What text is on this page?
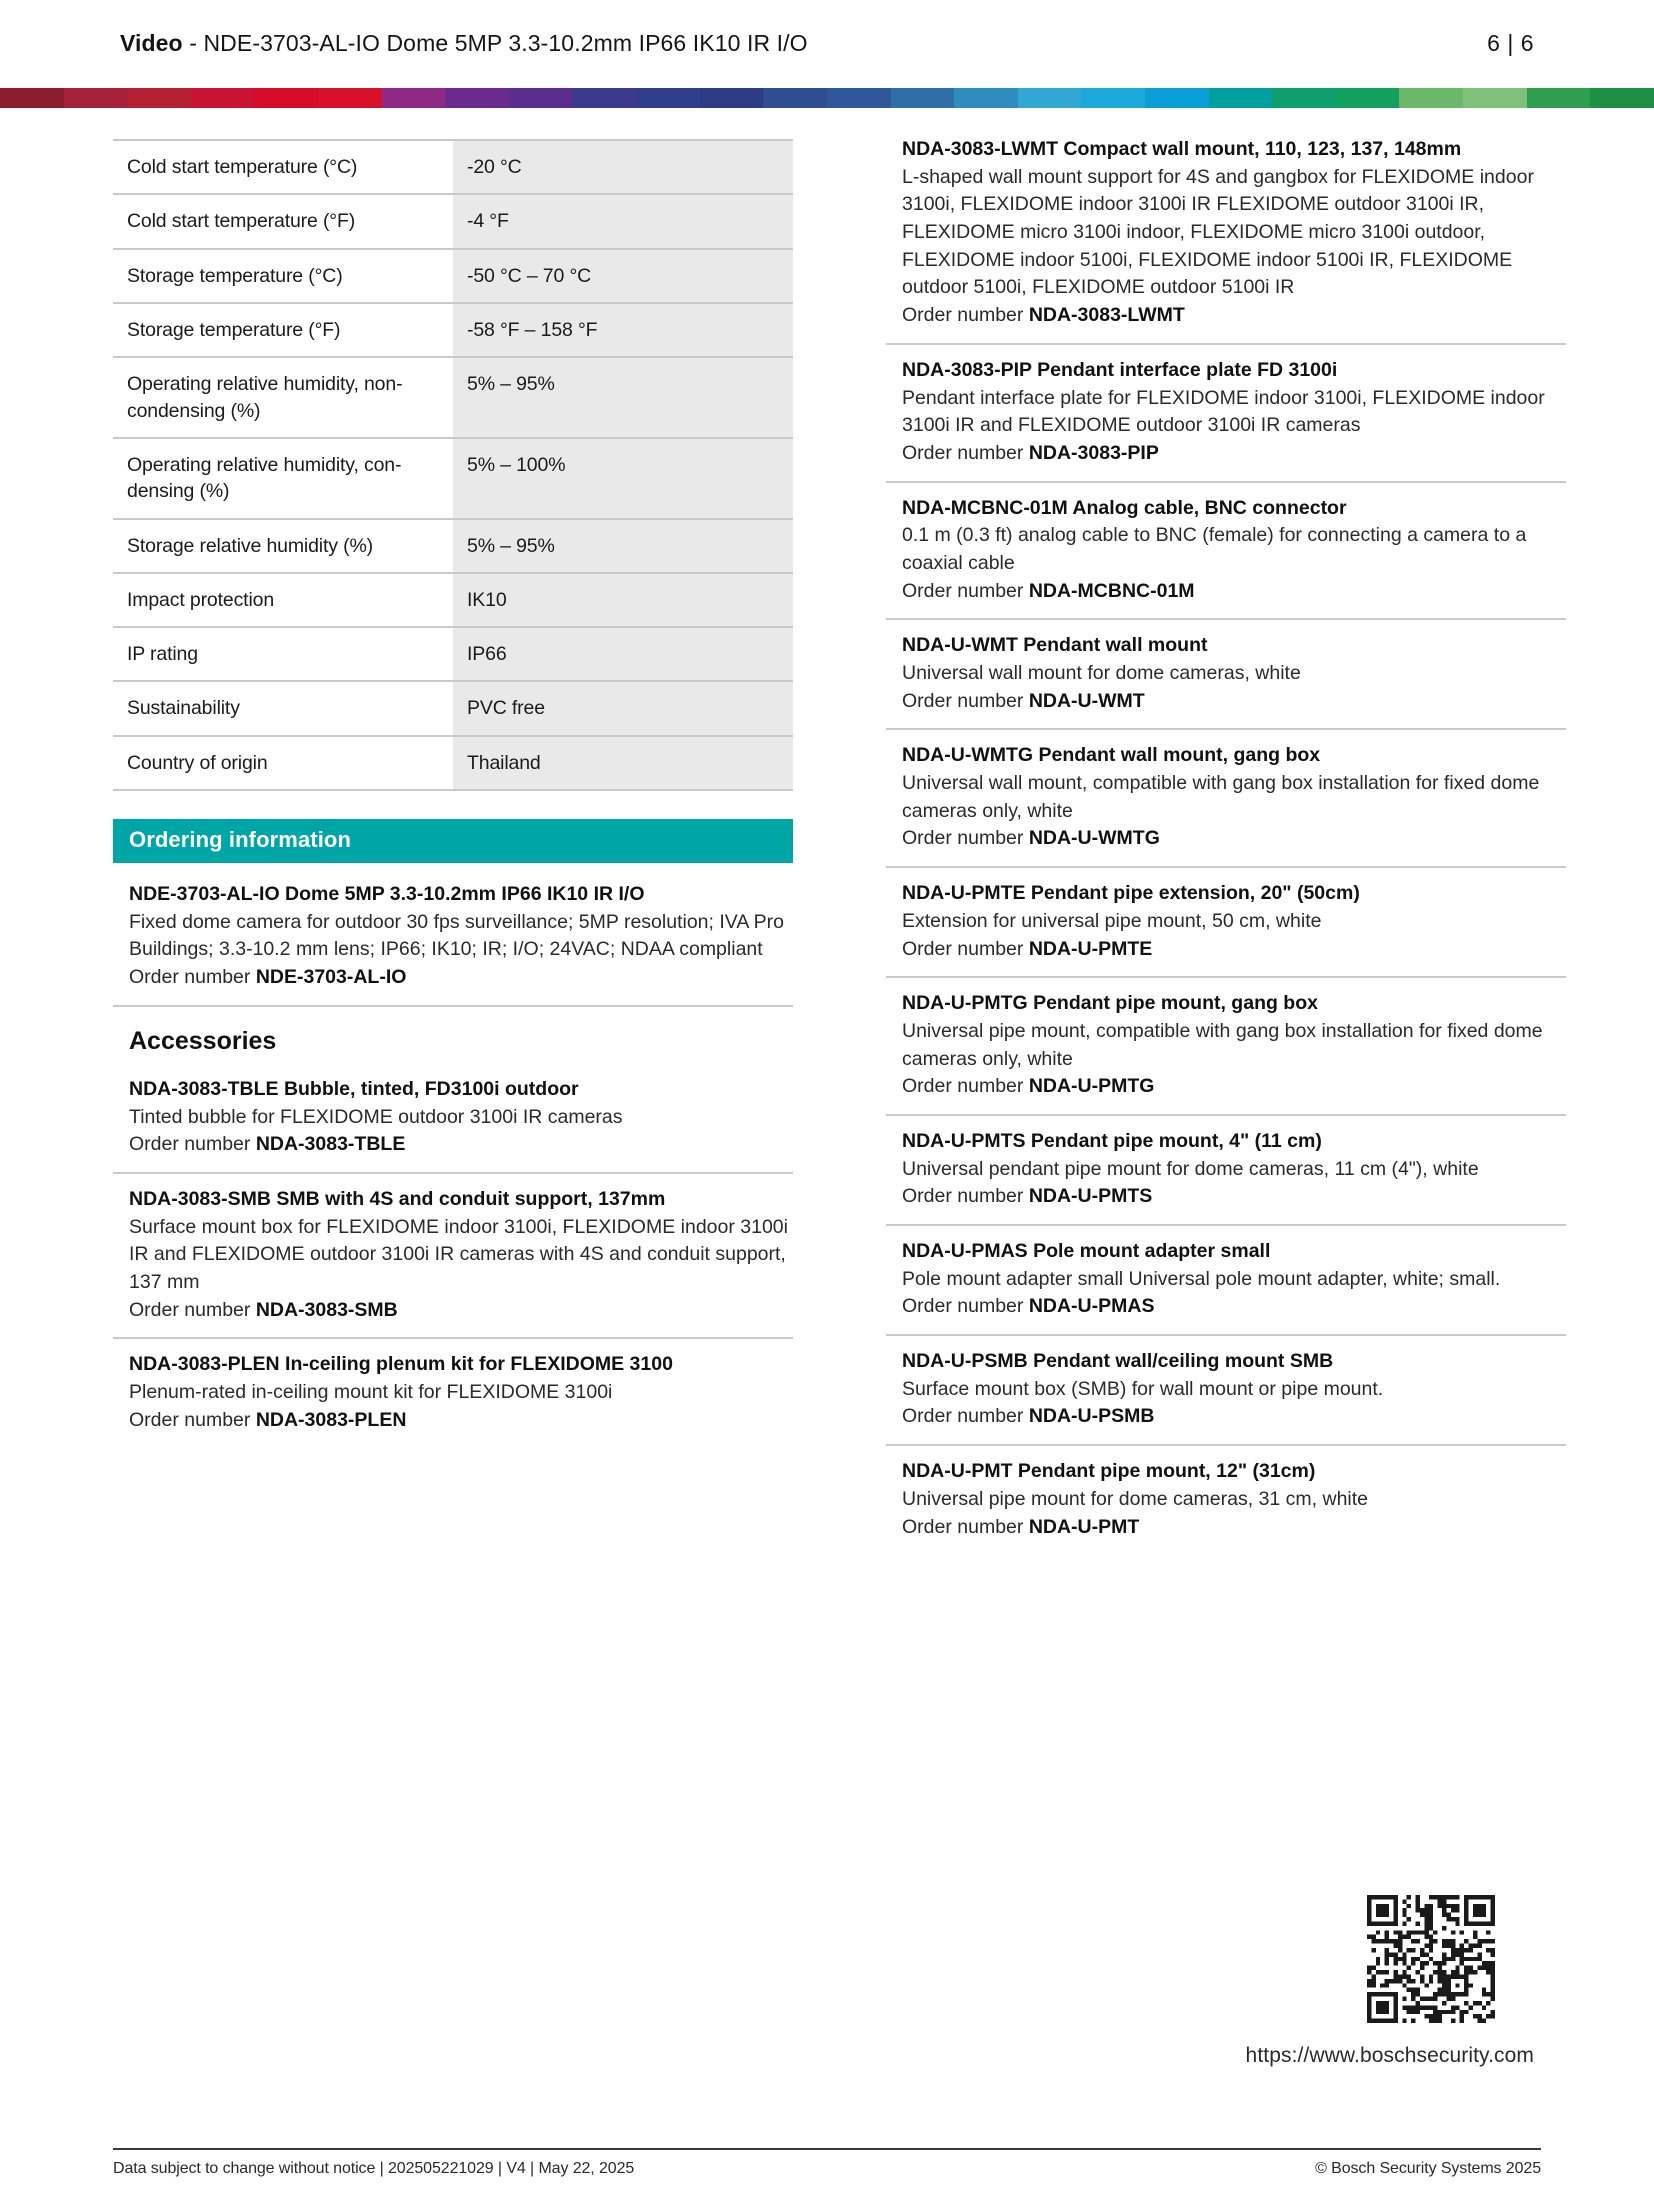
Video - NDE-3703-AL-IO Dome 5MP 3.3-10.2mm IP66 IK10 IR I/O	6 | 6
Cold start temperature (°C)	-20 °C
Cold start temperature (°F)	-4 °F
Storage temperature (°C)	-50 °C – 70 °C
Storage temperature (°F)	-58 °F – 158 °F
Operating relative humidity, non-condensing (%)	5% – 95%
Operating relative humidity, con-densing (%)	5% – 100%
Storage relative humidity (%)	5% – 95%
Impact protection	IK10
IP rating	IP66
Sustainability	PVC free
Country of origin	Thailand
Ordering information
NDE-3703-AL-IO Dome 5MP 3.3-10.2mm IP66 IK10 IR I/O
Fixed dome camera for outdoor 30 fps surveillance; 5MP resolution; IVA Pro Buildings; 3.3-10.2 mm lens; IP66; IK10; IR; I/O; 24VAC; NDAA compliant
Order number NDE-3703-AL-IO
Accessories
NDA-3083-TBLE Bubble, tinted, FD3100i outdoor
Tinted bubble for FLEXIDOME outdoor 3100i IR cameras
Order number NDA-3083-TBLE
NDA-3083-SMB SMB with 4S and conduit support, 137mm
Surface mount box for FLEXIDOME indoor 3100i, FLEXIDOME indoor 3100i IR and FLEXIDOME outdoor 3100i IR cameras with 4S and conduit support, 137 mm
Order number NDA-3083-SMB
NDA-3083-PLEN In-ceiling plenum kit for FLEXIDOME 3100
Plenum-rated in-ceiling mount kit for FLEXIDOME 3100i
Order number NDA-3083-PLEN
NDA-3083-LWMT Compact wall mount, 110, 123, 137, 148mm
L-shaped wall mount support for 4S and gangbox for FLEXIDOME indoor 3100i, FLEXIDOME indoor 3100i IR FLEXIDOME outdoor 3100i IR, FLEXIDOME micro 3100i indoor, FLEXIDOME micro 3100i outdoor, FLEXIDOME indoor 5100i, FLEXIDOME indoor 5100i IR, FLEXIDOME outdoor 5100i, FLEXIDOME outdoor 5100i IR
Order number NDA-3083-LWMT
NDA-3083-PIP Pendant interface plate FD 3100i
Pendant interface plate for FLEXIDOME indoor 3100i, FLEXIDOME indoor 3100i IR and FLEXIDOME outdoor 3100i IR cameras
Order number NDA-3083-PIP
NDA-MCBNC-01M Analog cable, BNC connector
0.1 m (0.3 ft) analog cable to BNC (female) for connecting a camera to a coaxial cable
Order number NDA-MCBNC-01M
NDA-U-WMT Pendant wall mount
Universal wall mount for dome cameras, white
Order number NDA-U-WMT
NDA-U-WMTG Pendant wall mount, gang box
Universal wall mount, compatible with gang box installation for fixed dome cameras only, white
Order number NDA-U-WMTG
NDA-U-PMTE Pendant pipe extension, 20" (50cm)
Extension for universal pipe mount, 50 cm, white
Order number NDA-U-PMTE
NDA-U-PMTG Pendant pipe mount, gang box
Universal pipe mount, compatible with gang box installation for fixed dome cameras only, white
Order number NDA-U-PMTG
NDA-U-PMTS Pendant pipe mount, 4" (11 cm)
Universal pendant pipe mount for dome cameras, 11 cm (4"), white
Order number NDA-U-PMTS
NDA-U-PMAS Pole mount adapter small
Pole mount adapter small Universal pole mount adapter, white; small.
Order number NDA-U-PMAS
NDA-U-PSMB Pendant wall/ceiling mount SMB
Surface mount box (SMB) for wall mount or pipe mount.
Order number NDA-U-PSMB
NDA-U-PMT Pendant pipe mount, 12" (31cm)
Universal pipe mount for dome cameras, 31 cm, white
Order number NDA-U-PMT
https://www.boschsecurity.com
Data subject to change without notice | 202505221029 | V4 | May 22, 2025	© Bosch Security Systems 2025
